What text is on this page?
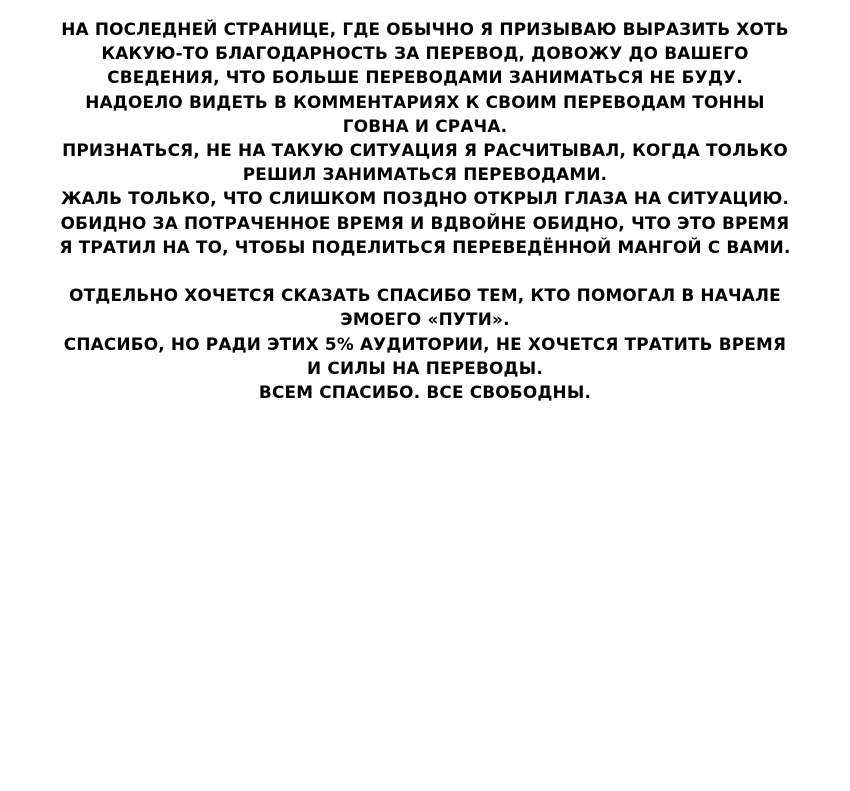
НА ПОСЛЕДНЕЙ СТРАНИЦЕ, ГДЕ ОБЫЧНО Я ПРИЗЫВАЮ ВЫРАЗИТЬ ХОТЬ
КАКУЮ-ТО БЛАГОДАРНОСТЬ ЗА ПЕРЕВОД, ДОВОЖУ ДО ВАШЕГО
СВЕДЕНИЯ, ЧТО БОЛЬШЕ ПЕРЕВОДАМИ ЗАНИМАТЬСЯ НЕ БУДУ.
НАДОЕЛО ВИДЕТЬ В КОММЕНТАРИЯХ К СВОИМ ПЕРЕВОДАМ ТОННЫ
ГОВНА И СРАЧА.
ПРИЗНАТЬСЯ, НЕ НА ТАКУЮ СИТУАЦИЯ Я РАСЧИТЫВАЛ, КОГДА ТОЛЬКО
РЕШИЛ ЗАНИМАТЬСЯ ПЕРЕВОДАМИ.
ЖАЛЬ ТОЛЬКО, ЧТО СЛИШКОМ ПОЗДНО ОТКРЫЛ ГЛАЗА НА СИТУАЦИЮ.
ОБИДНО ЗА ПОТРАЧЕННОЕ ВРЕМЯ И ВДВОЙНЕ ОБИДНО, ЧТО ЭТО ВРЕМЯ
Я ТРАТИЛ НА ТО, ЧТОБЫ ПОДЕЛИТЬСЯ ПЕРЕВЕДЁННОЙ МАНГОЙ С ВАМИ.
ОТДЕЛЬНО ХОЧЕТСЯ СКАЗАТЬ СПАСИБО ТЕМ, КТО ПОМОГАЛ В НАЧАЛЕ
ЭМОЕГО «ПУТИ».
СПАСИБО, НО РАДИ ЭТИХ 5% АУДИТОРИИ, НЕ ХОЧЕТСЯ ТРАТИТЬ ВРЕМЯ
И СИЛЫ НА ПЕРЕВОДЫ.
ВСЕМ СПАСИБО. ВСЕ СВОБОДНЫ.
